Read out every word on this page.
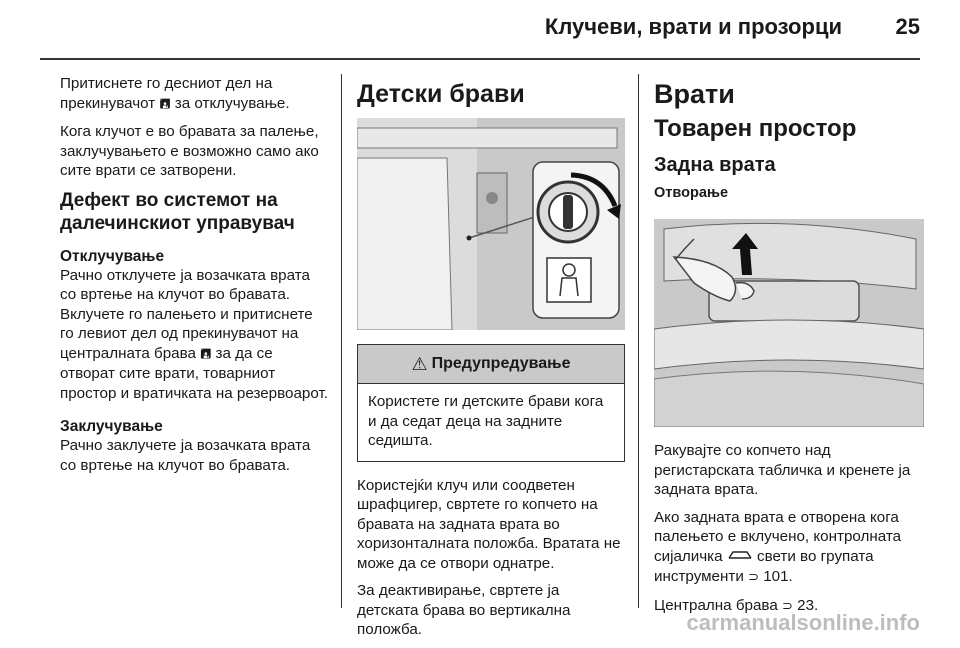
Клучеви, врати и прозорци 25

Притиснете го десниот дел на прекинувачот 🖪 за отклучување.

Кога клучот е во бравата за палење, заклучувањето е возможно само ако сите врати се затворени.

Дефект во системот на далечинскиот управувач
Отклучување

Рачно отклучете ја возачката врата со вртење на клучот во бравата. Вклучете го палењето и притиснете го левиот дел од прекинувачот на централната брава 🖪 за да се отворат сите врати, товарниот простор и вратичката на резервоарот.

Заклучување

Рачно заклучете ја возачката врата со вртење на клучот во бравата.

Детски брави
⚠ Предупредување
Користете ги детските брави кога и да седат деца на задните седишта.

Користејќи клуч или соодветен шрафцигер, свртете го копчето на бравата на задната врата во хоризонталната положба. Вратата не може да се отвори однатре.

За деактивирање, свртете ја детската брава во вертикална положба.

Врати
Товарен простор
Задна врата
Отворање

Ракувајте со копчето над регистарската табличка и кренете ја задната врата.

Ако задната врата е отворена кога палењето е вклучено, контролната сијаличка свети во групата инструменти ⊃ 101.

Централна брава ⊃ 23.

carmanualsonline.info
